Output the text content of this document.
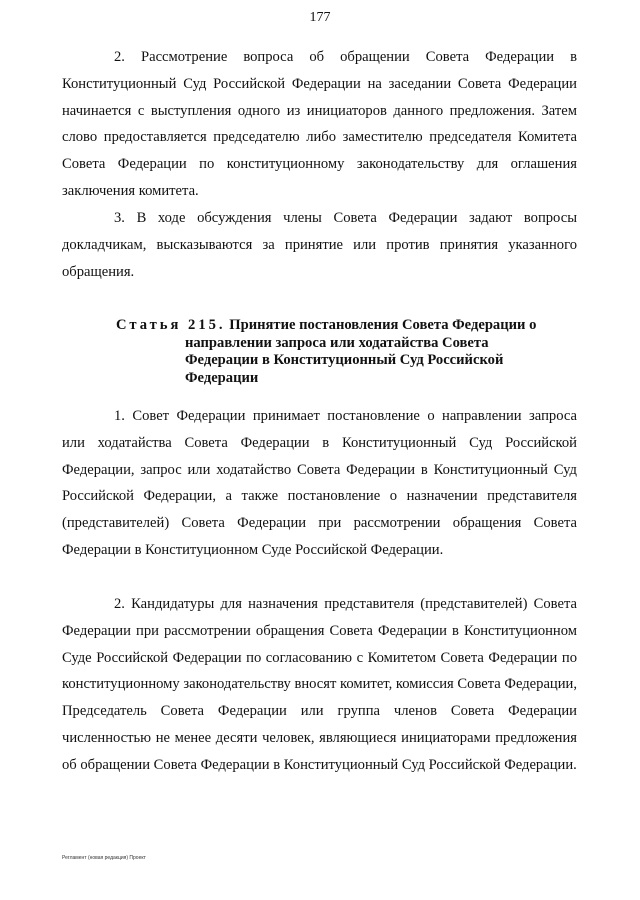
177

2. Рассмотрение вопроса об обращении Совета Федерации в Конституционный Суд Российской Федерации на заседании Совета Федерации начинается с выступления одного из инициаторов данного предложения. Затем слово предоставляется председателю либо заместителю председателя Комитета Совета Федерации по конституционному законодательству для оглашения заключения комитета.

3. В ходе обсуждения члены Совета Федерации задают вопросы докладчикам, высказываются за принятие или против принятия указанного обращения.

Статья 215. Принятие постановления Совета Федерации о
направлении запроса или ходатайства Совета
Федерации в Конституционный Суд Российской
Федерации

1. Совет Федерации принимает постановление о направлении запроса или ходатайства Совета Федерации в Конституционный Суд Российской Федерации, запрос или ходатайство Совета Федерации в Конституционный Суд Российской Федерации, а также постановление о назначении представителя (представителей) Совета Федерации при рассмотрении обращения Совета Федерации в Конституционном Суде Российской Федерации.

2. Кандидатуры для назначения представителя (представителей) Совета Федерации при рассмотрении обращения Совета Федерации в Конституционном Суде Российской Федерации по согласованию с Комитетом Совета Федерации по конституционному законодательству вносят комитет, комиссия Совета Федерации, Председатель Совета Федерации или группа членов Совета Федерации численностью не менее десяти человек, являющиеся инициаторами предложения об обращении Совета Федерации в Конституционный Суд Российской Федерации.

Регламент (новая редакция) Проект
